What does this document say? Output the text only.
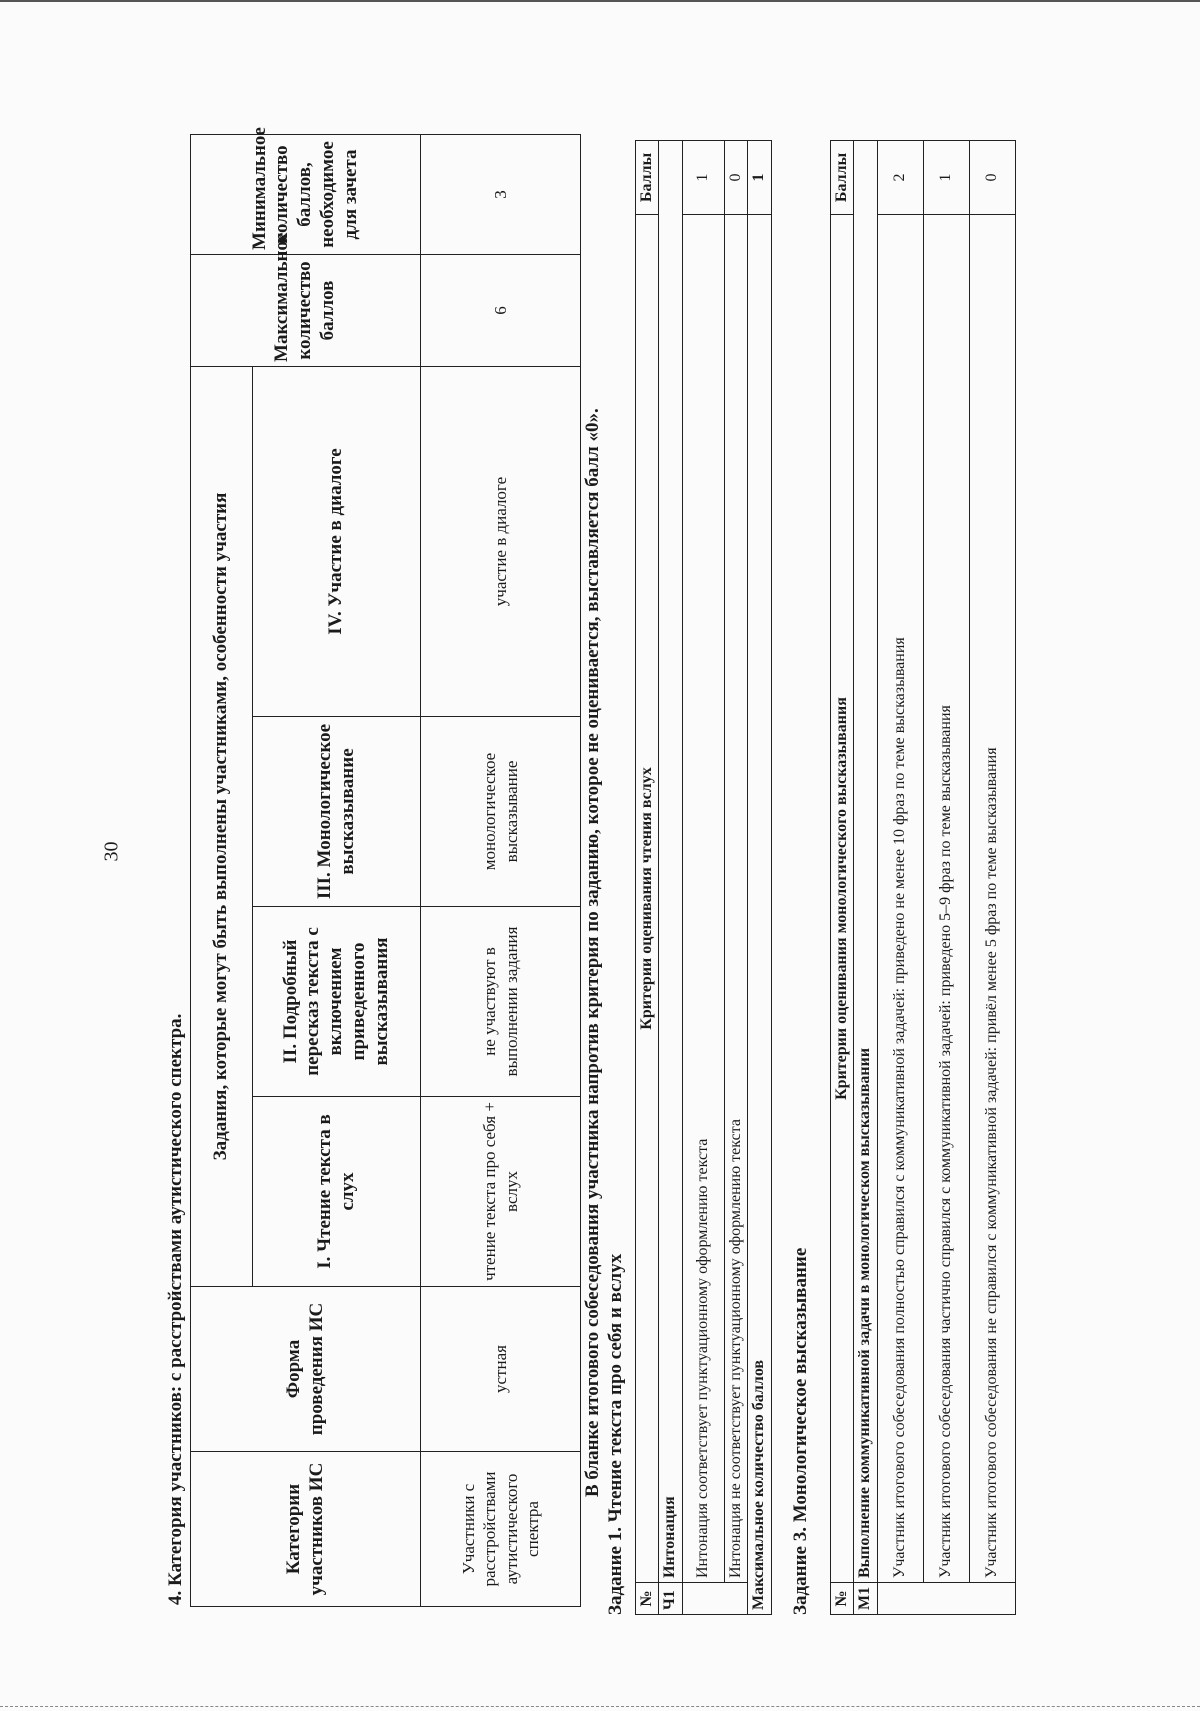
30
4. Категория участников: с расстройствами аутистического спектра.	Категории участников ИС	Форма проведения ИС	Задания, которые могут быть выполнены участниками, особенности участия				Максимальное количество баллов	Минимальное количество баллов, необходимое для зачета
		I. Чтение текста в слух	II. Подробный пересказ текста с включением приведенного высказывания	III. Монологическое высказывание	IV. Участие в диалоге		
Участники с расстройствами аутистического спектра	устная	чтение текста про себя + вслух	не участвуют в выполнении задания	монологическое высказывание	участие в диалоге	6	3
В бланке итогового собеседования участника напротив критерия по заданию, которое не оценивается, выставляется балл «0». Задание 1. Чтение текста про себя и вслух №	Критерии оценивания чтения вслух	Баллы
Ч1	Интонация	
	Интонация соответствует пунктуационному оформлению текста	1
	Интонация не соответствует пунктуационному оформлению текста	0
Максимальное количество баллов		1
Задание 3. Монологическое высказывание №	Критерии оценивания монологического высказывания	Баллы
М1	Выполнение коммуникативной задачи в монологическом высказывании	
	Участник итогового собеседования полностью справился с коммуникативной задачей: приведено не менее 10 фраз по теме высказывания	2
	Участник итогового собеседования частично справился с коммуникативной задачей: приведено 5–9 фраз по теме высказывания	1
	Участник итогового собеседования не справился с коммуникативной задачей: привёл менее 5 фраз по теме высказывания	0
